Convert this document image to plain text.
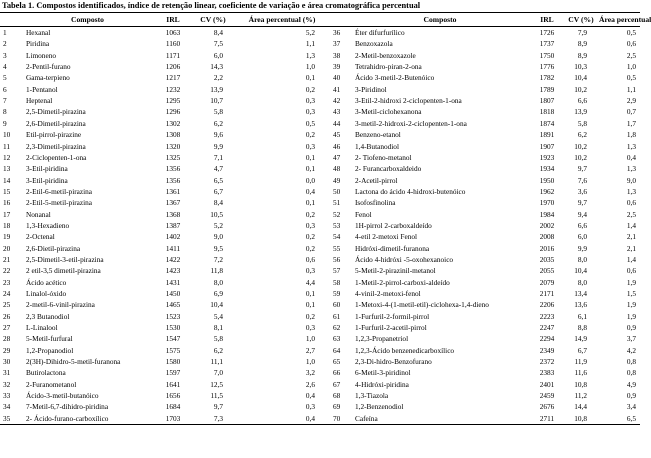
Tabela 1. Compostos identificados, índice de retenção linear, coeficiente de variação e área cromatográfica percentual
	Composto	IRL	CV (%)	Área percentual (%)		Composto	IRL	CV (%)	Área percentual
1	Hexanal	1063	8,4	5,2	36	Éter difurfurílico	1726	7,9	0,5
2	Piridina	1160	7,5	1,1	37	Benzoxazola	1737	8,9	0,6
3	Limoneno	1171	6,0	1,3	38	2-Metil-benzoxazole	1750	8,9	2,5
4	2-Pentil-furano	1206	14,3	1,0	39	Tetrahidro-piran-2-ona	1776	10,3	1,0
5	Gama-terpieno	1217	2,2	0,1	40	Ácido 3-metil-2-Butenóico	1782	10,4	0,5
6	1-Pentanol	1232	13,9	0,2	41	3-Piridinol	1789	10,2	1,1
7	Heptenal	1295	10,7	0,3	42	3-Etil-2-hidroxi 2-ciclopenten-1-ona	1807	6,6	2,9
8	2,5-Dimetil-pirazina	1296	5,8	0,3	43	3-Metil-ciclohexanona	1818	13,9	0,7
9	2,6-Dimetil-pirazina	1302	6,2	0,5	44	3-metil-2-hidroxi-2-ciclopenten-1-ona	1874	5,8	1,7
10	Etil-pirrol-pirazine	1308	9,6	0,2	45	Benzeno-etanol	1891	6,2	1,8
11	2,3-Dimetil-pirazina	1320	9,9	0,3	46	1,4-Butanodiol	1907	10,2	1,3
12	2-Ciclopenten-1-ona	1325	7,1	0,1	47	2- Tiofeno-metanol	1923	10,2	0,4
13	3-Etil-piridina	1356	4,7	0,1	48	2- Furancarboxaldeido	1934	9,7	1,3
14	3-Etil-piridina	1356	6,5	0,0	49	2-Acetil-pirrol	1950	7,6	9,0
15	2-Etil-6-metil-pirazina	1361	6,7	0,4	50	Lactona do ácido 4-hidroxi-butenóico	1962	3,6	1,3
16	2-Etil-5-metil-pirazina	1367	8,4	0,1	51	Isofosfinolina	1970	9,7	0,6
17	Nonanal	1368	10,5	0,2	52	Fenol	1984	9,4	2,5
18	1,3-Hexadieno	1387	5,2	0,3	53	1H-pirrol 2-carboxaldeído	2002	6,6	1,4
19	2-Octenal	1402	9,0	0,2	54	4-etil 2-metoxi Fenol	2008	6,0	2,1
20	2,6-Dietil-pirazina	1411	9,5	0,2	55	Hidróxi-dimetil-furanona	2016	9,9	2,1
21	2,5-Dimetil-3-etil-pirazina	1422	7,2	0,6	56	Ácido 4-hidróxi -5-oxohexanoico	2035	8,0	1,4
22	2 etil-3,5 dimetil-pirazina	1423	11,8	0,3	57	5-Metil-2-pirazinil-metanol	2055	10,4	0,6
23	Ácido acético	1431	8,0	4,4	58	1-Metil-2-pirrol-carboxi-aldeído	2079	8,0	1,9
24	Linalol-óxido	1450	6,9	0,1	59	4-vinil-2-metoxi-fenol	2171	13,4	1,5
25	2-metil-6-vinil-pirazina	1465	10,4	0,1	60	1-Metoxi-4-(1-metil-etil)-ciclohexa-1,4-dieno	2206	13,6	1,9
26	2,3 Butanodiol	1523	5,4	0,2	61	1-Furfuril-2-formil-pirrol	2223	6,1	1,9
27	L-Linalool	1530	8,1	0,3	62	1-Furfuril-2-acetil-pirrol	2247	8,8	0,9
28	5-Metil-furfural	1547	5,8	1,0	63	1,2,3-Propanetriol	2294	14,9	3,7
29	1,2-Propanodiol	1575	6,2	2,7	64	1,2,3-Ácido benzenedicarboxílico	2349	6,7	4,2
30	2(3H)-Dihidro-5-metil-furanona	1580	11,1	1,0	65	2,3-Di-hidro-Benzofurano	2372	11,9	0,8
31	Butirolactona	1597	7,0	3,2	66	6-Metil-3-piridinol	2383	11,6	0,8
32	2-Furanometanol	1641	12,5	2,6	67	4-Hidróxi-piridina	2401	10,8	4,9
33	Ácido-3-metil-butanóico	1656	11,5	0,4	68	1,3-Tiazola	2459	11,2	0,9
34	7-Metil-6,7-dihidro-piridina	1684	9,7	0,3	69	1,2-Benzenodiol	2676	14,4	3,4
35	2- Ácido-furano-carboxílico	1703	7,3	0,4	70	Cafeína	2711	10,8	6,5
